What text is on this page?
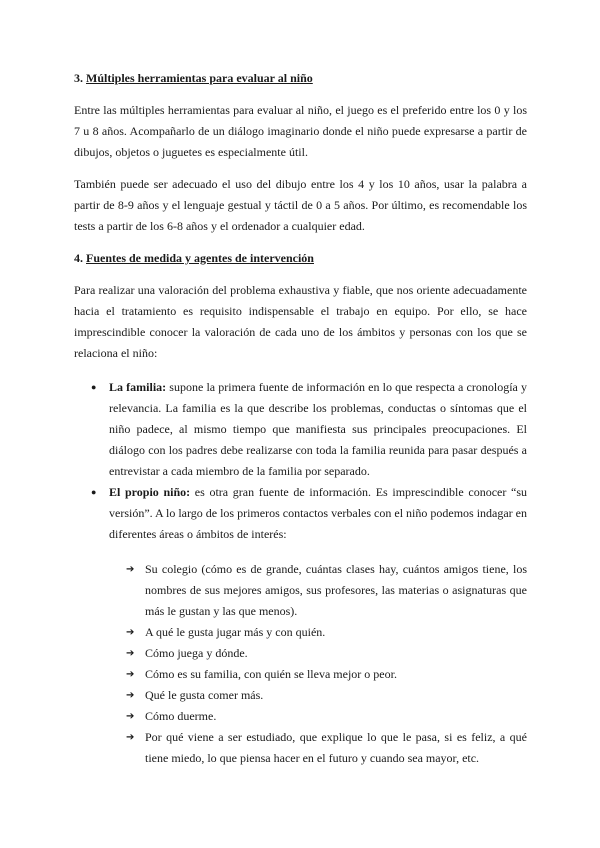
3. Múltiples herramientas para evaluar al niño

Entre las múltiples herramientas para evaluar al niño, el juego es el preferido entre los 0 y los 7 u 8 años. Acompañarlo de un diálogo imaginario donde el niño puede expresarse a partir de dibujos, objetos o juguetes es especialmente útil.

También puede ser adecuado el uso del dibujo entre los 4 y los 10 años, usar la palabra a partir de 8-9 años y el lenguaje gestual y táctil de 0 a 5 años. Por último, es recomendable los tests a partir de los 6-8 años y el ordenador a cualquier edad.

4. Fuentes de medida y agentes de intervención

Para realizar una valoración del problema exhaustiva y fiable, que nos oriente adecuadamente hacia el tratamiento es requisito indispensable el trabajo en equipo. Por ello, se hace imprescindible conocer la valoración de cada uno de los ámbitos y personas con los que se relaciona el niño:

● La familia: supone la primera fuente de información en lo que respecta a cronología y relevancia. La familia es la que describe los problemas, conductas o síntomas que el niño padece, al mismo tiempo que manifiesta sus principales preocupaciones. El diálogo con los padres debe realizarse con toda la familia reunida para pasar después a entrevistar a cada miembro de la familia por separado.
● El propio niño: es otra gran fuente de información. Es imprescindible conocer “su versión”. A lo largo de los primeros contactos verbales con el niño podemos indagar en diferentes áreas o ámbitos de interés:
➔ Su colegio (cómo es de grande, cuántas clases hay, cuántos amigos tiene, los nombres de sus mejores amigos, sus profesores, las materias o asignaturas que más le gustan y las que menos).
➔ A qué le gusta jugar más y con quién.
➔ Cómo juega y dónde.
➔ Cómo es su familia, con quién se lleva mejor o peor.
➔ Qué le gusta comer más.
➔ Cómo duerme.
➔ Por qué viene a ser estudiado, que explique lo que le pasa, si es feliz, a qué tiene miedo, lo que piensa hacer en el futuro y cuando sea mayor, etc.
